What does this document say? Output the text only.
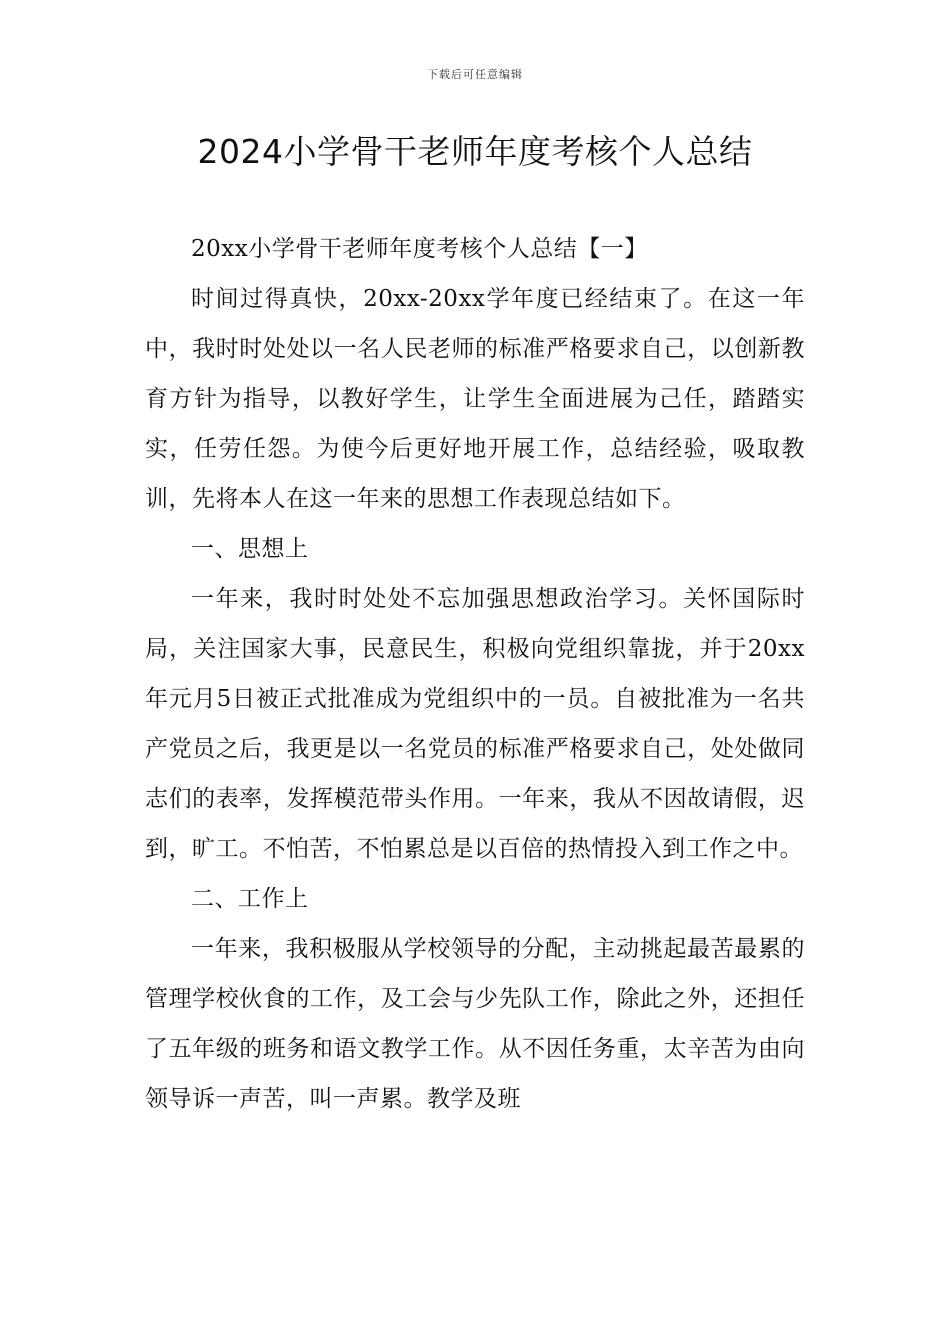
下载后可任意编辑
2024小学骨干老师年度考核个人总结

20xx小学骨干老师年度考核个人总结【一】

时间过得真快，20xx-20xx学年度已经结束了。在这一年中，我时时处处以一名人民老师的标准严格要求自己，以创新教育方针为指导，以教好学生，让学生全面进展为己任，踏踏实实，任劳任怨。为使今后更好地开展工作，总结经验，吸取教训，先将本人在这一年来的思想工作表现总结如下。

一、思想上

一年来，我时时处处不忘加强思想政治学习。关怀国际时局，关注国家大事，民意民生，积极向党组织靠拢，并于20xx年元月5日被正式批准成为党组织中的一员。自被批准为一名共产党员之后，我更是以一名党员的标准严格要求自己，处处做同志们的表率，发挥模范带头作用。一年来，我从不因故请假，迟到，旷工。不怕苦，不怕累总是以百倍的热情投入到工作之中。

二、工作上

一年来，我积极服从学校领导的分配，主动挑起最苦最累的管理学校伙食的工作，及工会与少先队工作，除此之外，还担任了五年级的班务和语文教学工作。从不因任务重，太辛苦为由向领导诉一声苦，叫一声累。教学及班
